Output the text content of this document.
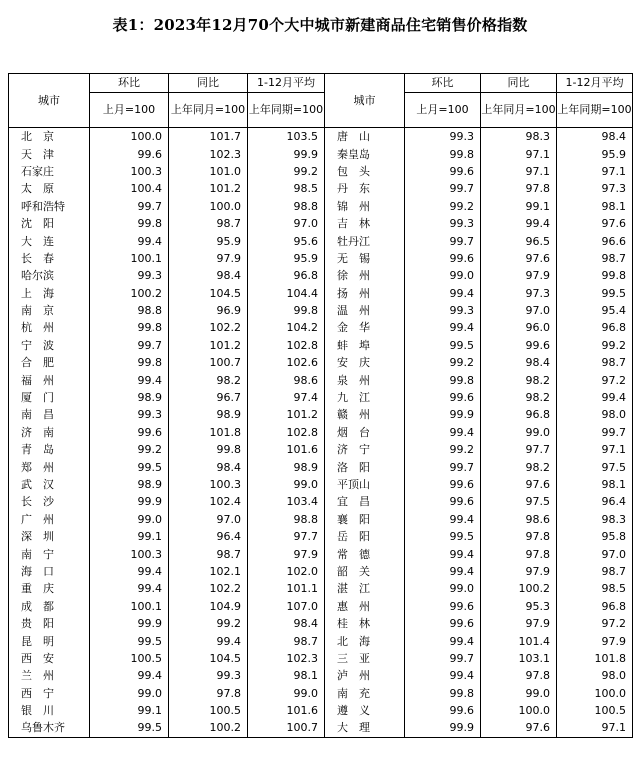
表1：2023年12月70个大中城市新建商品住宅销售价格指数
城市	环比	同比	1-12月平均	城市	环比	同比	1-12月平均
	上月=100	上年同月=100	上年同期=100		上月=100	上年同月=100	上年同期=100
北　京	100.0	101.7	103.5	唐　山	99.3	98.3	98.4
天　津	99.6	102.3	99.9	秦皇岛	99.8	97.1	95.9
石家庄	100.3	101.0	99.2	包　头	99.6	97.1	97.1
太　原	100.4	101.2	98.5	丹　东	99.7	97.8	97.3
呼和浩特	99.7	100.0	98.8	锦　州	99.2	99.1	98.1
沈　阳	99.8	98.7	97.0	吉　林	99.3	99.4	97.6
大　连	99.4	95.9	95.6	牡丹江	99.7	96.5	96.6
长　春	100.1	97.9	95.9	无　锡	99.6	97.6	98.7
哈尔滨	99.3	98.4	96.8	徐　州	99.0	97.9	99.8
上　海	100.2	104.5	104.4	扬　州	99.4	97.3	99.5
南　京	98.8	96.9	99.8	温　州	99.3	97.0	95.4
杭　州	99.8	102.2	104.2	金　华	99.4	96.0	96.8
宁　波	99.7	101.2	102.8	蚌　埠	99.5	99.6	99.2
合　肥	99.8	100.7	102.6	安　庆	99.2	98.4	98.7
福　州	99.4	98.2	98.6	泉　州	99.8	98.2	97.2
厦　门	98.9	96.7	97.4	九　江	99.6	98.2	99.4
南　昌	99.3	98.9	101.2	赣　州	99.9	96.8	98.0
济　南	99.6	101.8	102.8	烟　台	99.4	99.0	99.7
青　岛	99.2	99.8	101.6	济　宁	99.2	97.7	97.1
郑　州	99.5	98.4	98.9	洛　阳	99.7	98.2	97.5
武　汉	98.9	100.3	99.0	平顶山	99.6	97.6	98.1
长　沙	99.9	102.4	103.4	宜　昌	99.6	97.5	96.4
广　州	99.0	97.0	98.8	襄　阳	99.4	98.6	98.3
深　圳	99.1	96.4	97.7	岳　阳	99.5	97.8	95.8
南　宁	100.3	98.7	97.9	常　德	99.4	97.8	97.0
海　口	99.4	102.1	102.0	韶　关	99.4	97.9	98.7
重　庆	99.4	102.2	101.1	湛　江	99.0	100.2	98.5
成　都	100.1	104.9	107.0	惠　州	99.6	95.3	96.8
贵　阳	99.9	99.2	98.4	桂　林	99.6	97.9	97.2
昆　明	99.5	99.4	98.7	北　海	99.4	101.4	97.9
西　安	100.5	104.5	102.3	三　亚	99.7	103.1	101.8
兰　州	99.4	99.3	98.1	泸　州	99.4	97.8	98.0
西　宁	99.0	97.8	99.0	南　充	99.8	99.0	100.0
银　川	99.1	100.5	101.6	遵　义	99.6	100.0	100.5
乌鲁木齐	99.5	100.2	100.7	大　理	99.9	97.6	97.1
